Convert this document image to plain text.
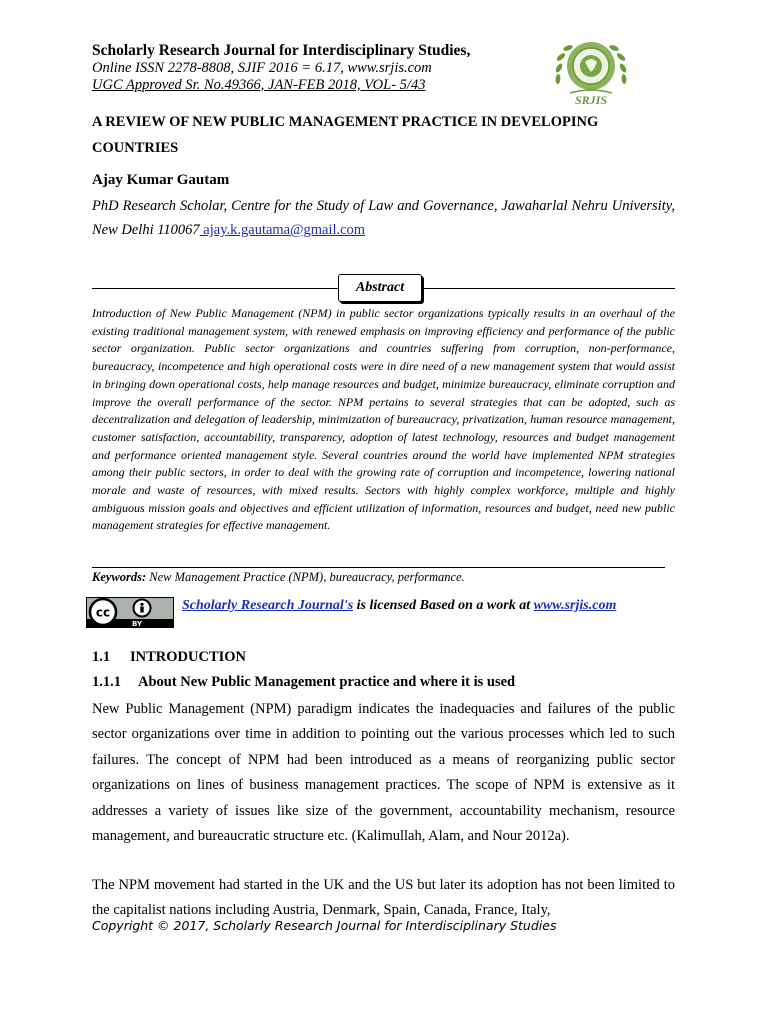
Scholarly Research Journal for Interdisciplinary Studies,
Online ISSN 2278-8808, SJIF 2016 = 6.17, www.srjis.com
UGC Approved Sr. No.49366, JAN-FEB 2018, VOL- 5/43
SRJIS
A REVIEW OF NEW PUBLIC MANAGEMENT PRACTICE IN DEVELOPING COUNTRIES
Ajay Kumar Gautam
PhD Research Scholar, Centre for the Study of Law and Governance, Jawaharlal Nehru University, New Delhi 110067 ajay.k.gautama@gmail.com
Abstract
Introduction of New Public Management (NPM) in public sector organizations typically results in an overhaul of the existing traditional management system, with renewed emphasis on improving efficiency and performance of the public sector organization. Public sector organizations and countries suffering from corruption, non-performance, bureaucracy, incompetence and high operational costs were in dire need of a new management system that would assist in bringing down operational costs, help manage resources and budget, minimize bureaucracy, eliminate corruption and improve the overall performance of the sector. NPM pertains to several strategies that can be adopted, such as decentralization and delegation of leadership, minimization of bureaucracy, privatization, human resource management, customer satisfaction, accountability, transparency, adoption of latest technology, resources and budget management and performance oriented management style. Several countries around the world have implemented NPM strategies among their public sectors, in order to deal with the growing rate of corruption and incompetence, lowering national morale and waste of resources, with mixed results. Sectors with highly complex workforce, multiple and highly ambiguous mission goals and objectives and efficient utilization of information, resources and budget, need new public management strategies for effective management.
Keywords: New Management Practice (NPM), bureaucracy, performance.
cc
BY
Scholarly Research Journal's is licensed Based on a work at www.srjis.com
1.1 INTRODUCTION
1.1.1 About New Public Management practice and where it is used
New Public Management (NPM) paradigm indicates the inadequacies and failures of the public sector organizations over time in addition to pointing out the various processes which led to such failures. The concept of NPM had been introduced as a means of reorganizing public sector organizations on lines of business management practices. The scope of NPM is extensive as it addresses a variety of issues like size of the government, accountability mechanism, resource management, and bureaucratic structure etc. (Kalimullah, Alam, and Nour 2012a).
The NPM movement had started in the UK and the US but later its adoption has not been limited to the capitalist nations including Austria, Denmark, Spain, Canada, France, Italy,
Copyright © 2017, Scholarly Research Journal for Interdisciplinary Studies
